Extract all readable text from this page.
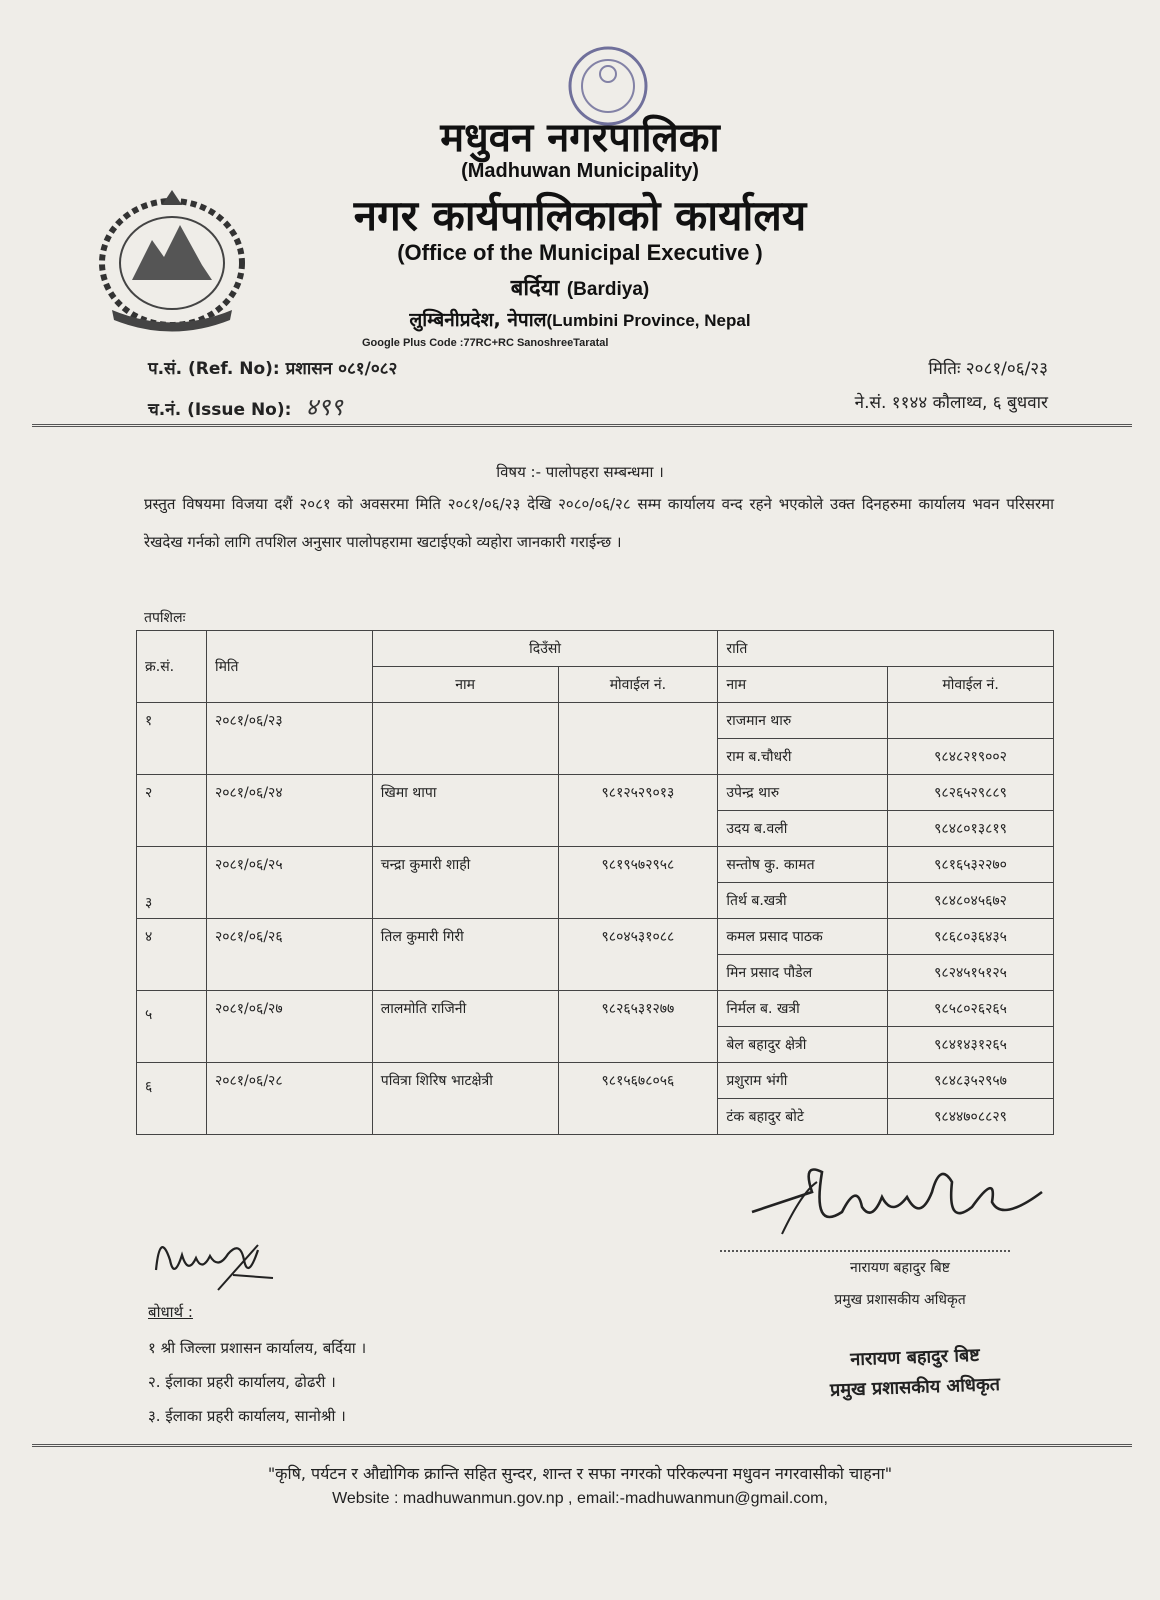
मधुवन नगरपालिका
(Madhuwan Municipality)
नगर कार्यपालिकाको कार्यालय
(Office of the Municipal Executive )
बर्दिया (Bardiya)
लुम्बिनीप्रदेश, नेपाल(Lumbini Province, Nepal
Google Plus Code :77RC+RC SanoshreeTaratal
प.सं. (Ref. No): प्रशासन ०८१/०८२
च.नं. (Issue No): ४९९
मितिः २०८१/०६/२३
ने.सं. ११४४ कौलाथ्व, ६ बुधवार
विषय :- पालोपहरा सम्बन्धमा ।
प्रस्तुत विषयमा विजया दशैं २०८१ को अवसरमा मिति २०८१/०६/२३ देखि २०८०/०६/२८ सम्म कार्यालय वन्द रहने भएकोले उक्त दिनहरुमा कार्यालय भवन परिसरमा रेखदेख गर्नको लागि तपशिल अनुसार पालोपहरामा खटाईएको व्यहोरा जानकारी गराईन्छ ।
तपशिलः
क्र.सं.	मिति	दिउँसो		राति	
		नाम	मोवाईल नं.	नाम	मोवाईल नं.
१	२०८१/०६/२३			राजमान थारु	
				राम ब.चौधरी	९८४८२१९००२
२	२०८१/०६/२४	खिमा थापा	९८१२५२९०१३	उपेन्द्र थारु	९८२६५२९८८९
				उदय ब.वली	९८४८०१३८१९
३	२०८१/०६/२५	चन्द्रा कुमारी शाही	९८१९५७२९५८	सन्तोष कु. कामत	९८१६५३२२७०
				तिर्थ ब.खत्री	९८४८०४५६७२
४	२०८१/०६/२६	तिल कुमारी गिरी	९८०४५३१०८८	कमल प्रसाद पाठक	९८६८०३६४३५
				मिन प्रसाद पौडेल	९८२४५१५१२५
५	२०८१/०६/२७	लालमोति राजिनी	९८२६५३१२७७	निर्मल ब. खत्री	९८५८०२६२६५
				बेल बहादुर क्षेत्री	९८४१४३१२६५
६	२०८१/०६/२८	पवित्रा शिरिष भाटक्षेत्री	९८१५६७८०५६	प्रशुराम भंगी	९८४८३५२९५७
				टंक बहादुर बोटे	९८४४७०८८२९
नारायण बहादुर बिष्ट
प्रमुख प्रशासकीय अधिकृत
नारायण बहादुर बिष्ट
प्रमुख प्रशासकीय अधिकृत
बोधार्थ :
१ श्री जिल्ला प्रशासन कार्यालय, बर्दिया ।
२. ईलाका प्रहरी कार्यालय, ढोढरी ।
३. ईलाका प्रहरी कार्यालय, सानोश्री ।
"कृषि, पर्यटन र औद्योगिक क्रान्ति सहित सुन्दर, शान्त र सफा नगरको परिकल्पना मधुवन नगरवासीको चाहना"
Website : madhuwanmun.gov.np , email:-madhuwanmun@gmail.com,
